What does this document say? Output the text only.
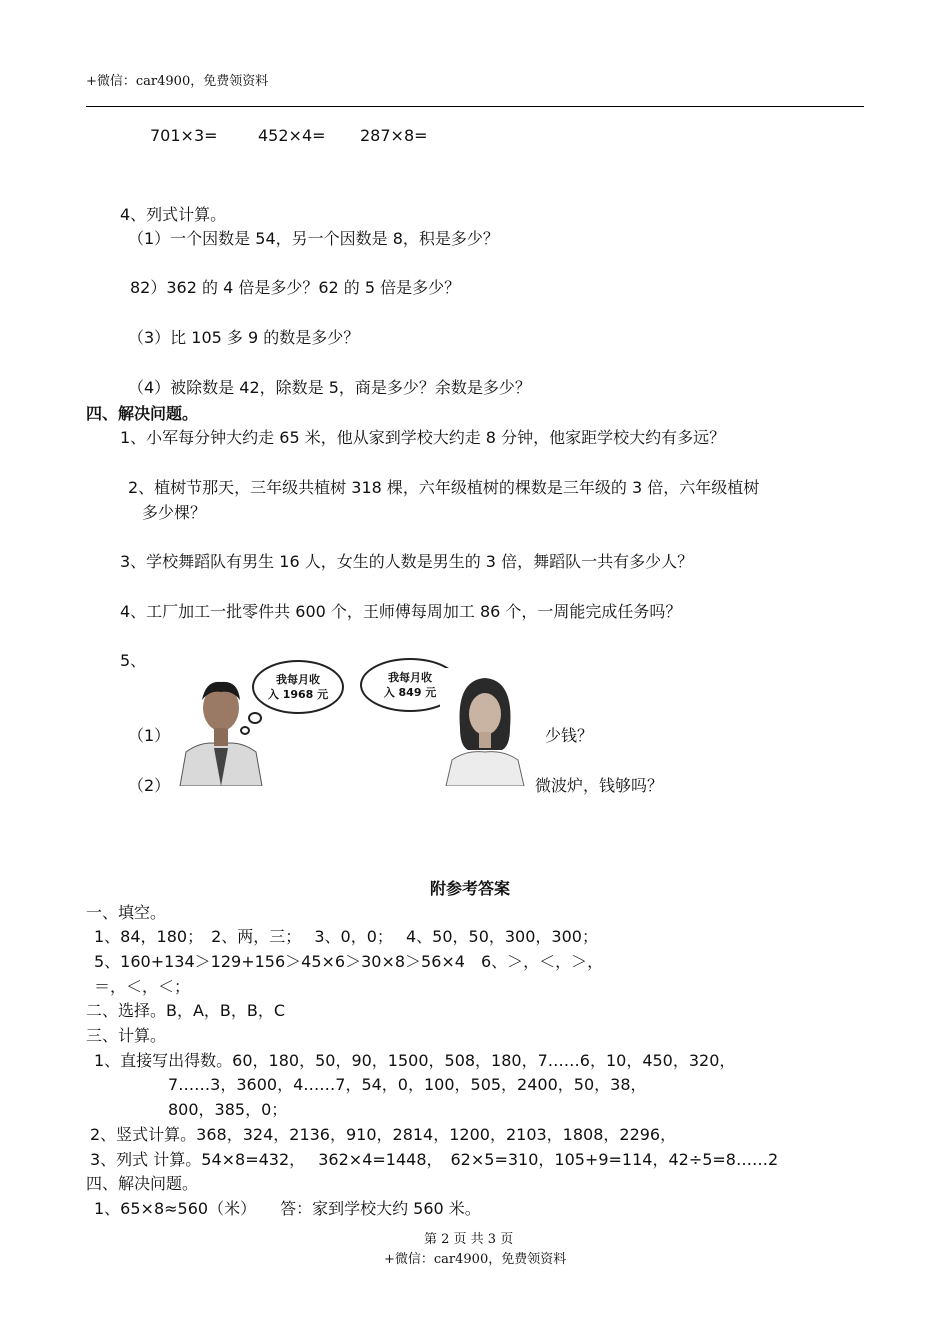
+微信：car4900，免费领资料
701×3=	452×4= 287×8=
4、列式计算。
（1）一个因数是 54，另一个因数是 8，积是多少？
82）362 的 4 倍是多少？62 的 5 倍是多少？
（3）比 105 多 9 的数是多少？
（4）被除数是 42，除数是 5，商是多少？余数是多少？
四、解决问题。
1、小军每分钟大约走 65 米，他从家到学校大约走 8 分钟，他家距学校大约有多远？
2、植树节那天，三年级共植树 318 棵，六年级植树的棵数是三年级的 3 倍，六年级植树
多少棵？
3、学校舞蹈队有男生 16 人，女生的人数是男生的 3 倍，舞蹈队一共有多少人？
4、工厂加工一批零件共 600 个，王师傅每周加工 86 个，一周能完成任务吗？
5、
（1）	少钱？
（2）	微波炉，钱够吗？
我每月收
入 1968 元
我每月收
入 849 元
附参考答案
一、填空。
1、84，180；　2、两，三；　 3、0，0；　 4、50，50，300，300；
5、160+134＞129+156＞45×6＞30×8＞56×4　6、＞，＜，＞，
＝，＜，＜；
二、选择。B，A，B，B，C
三、计算。
1、直接写出得数。60，180，50，90，1500，508，180，7……6，10，450，320，
7……3，3600，4……7，54，0，100，505，2400，50，38，
800，385，0；
2、竖式计算。368，324，2136，910，2814，1200，2103，1808，2296，
3、列式 计算。54×8=432，　 362×4=1448，　62×5=310，105+9=114，42÷5=8……2
四、解决问题。
1、65×8≈560（米）　　答：家到学校大约 560 米。
第 2 页 共 3 页
+微信：car4900，免费领资料
